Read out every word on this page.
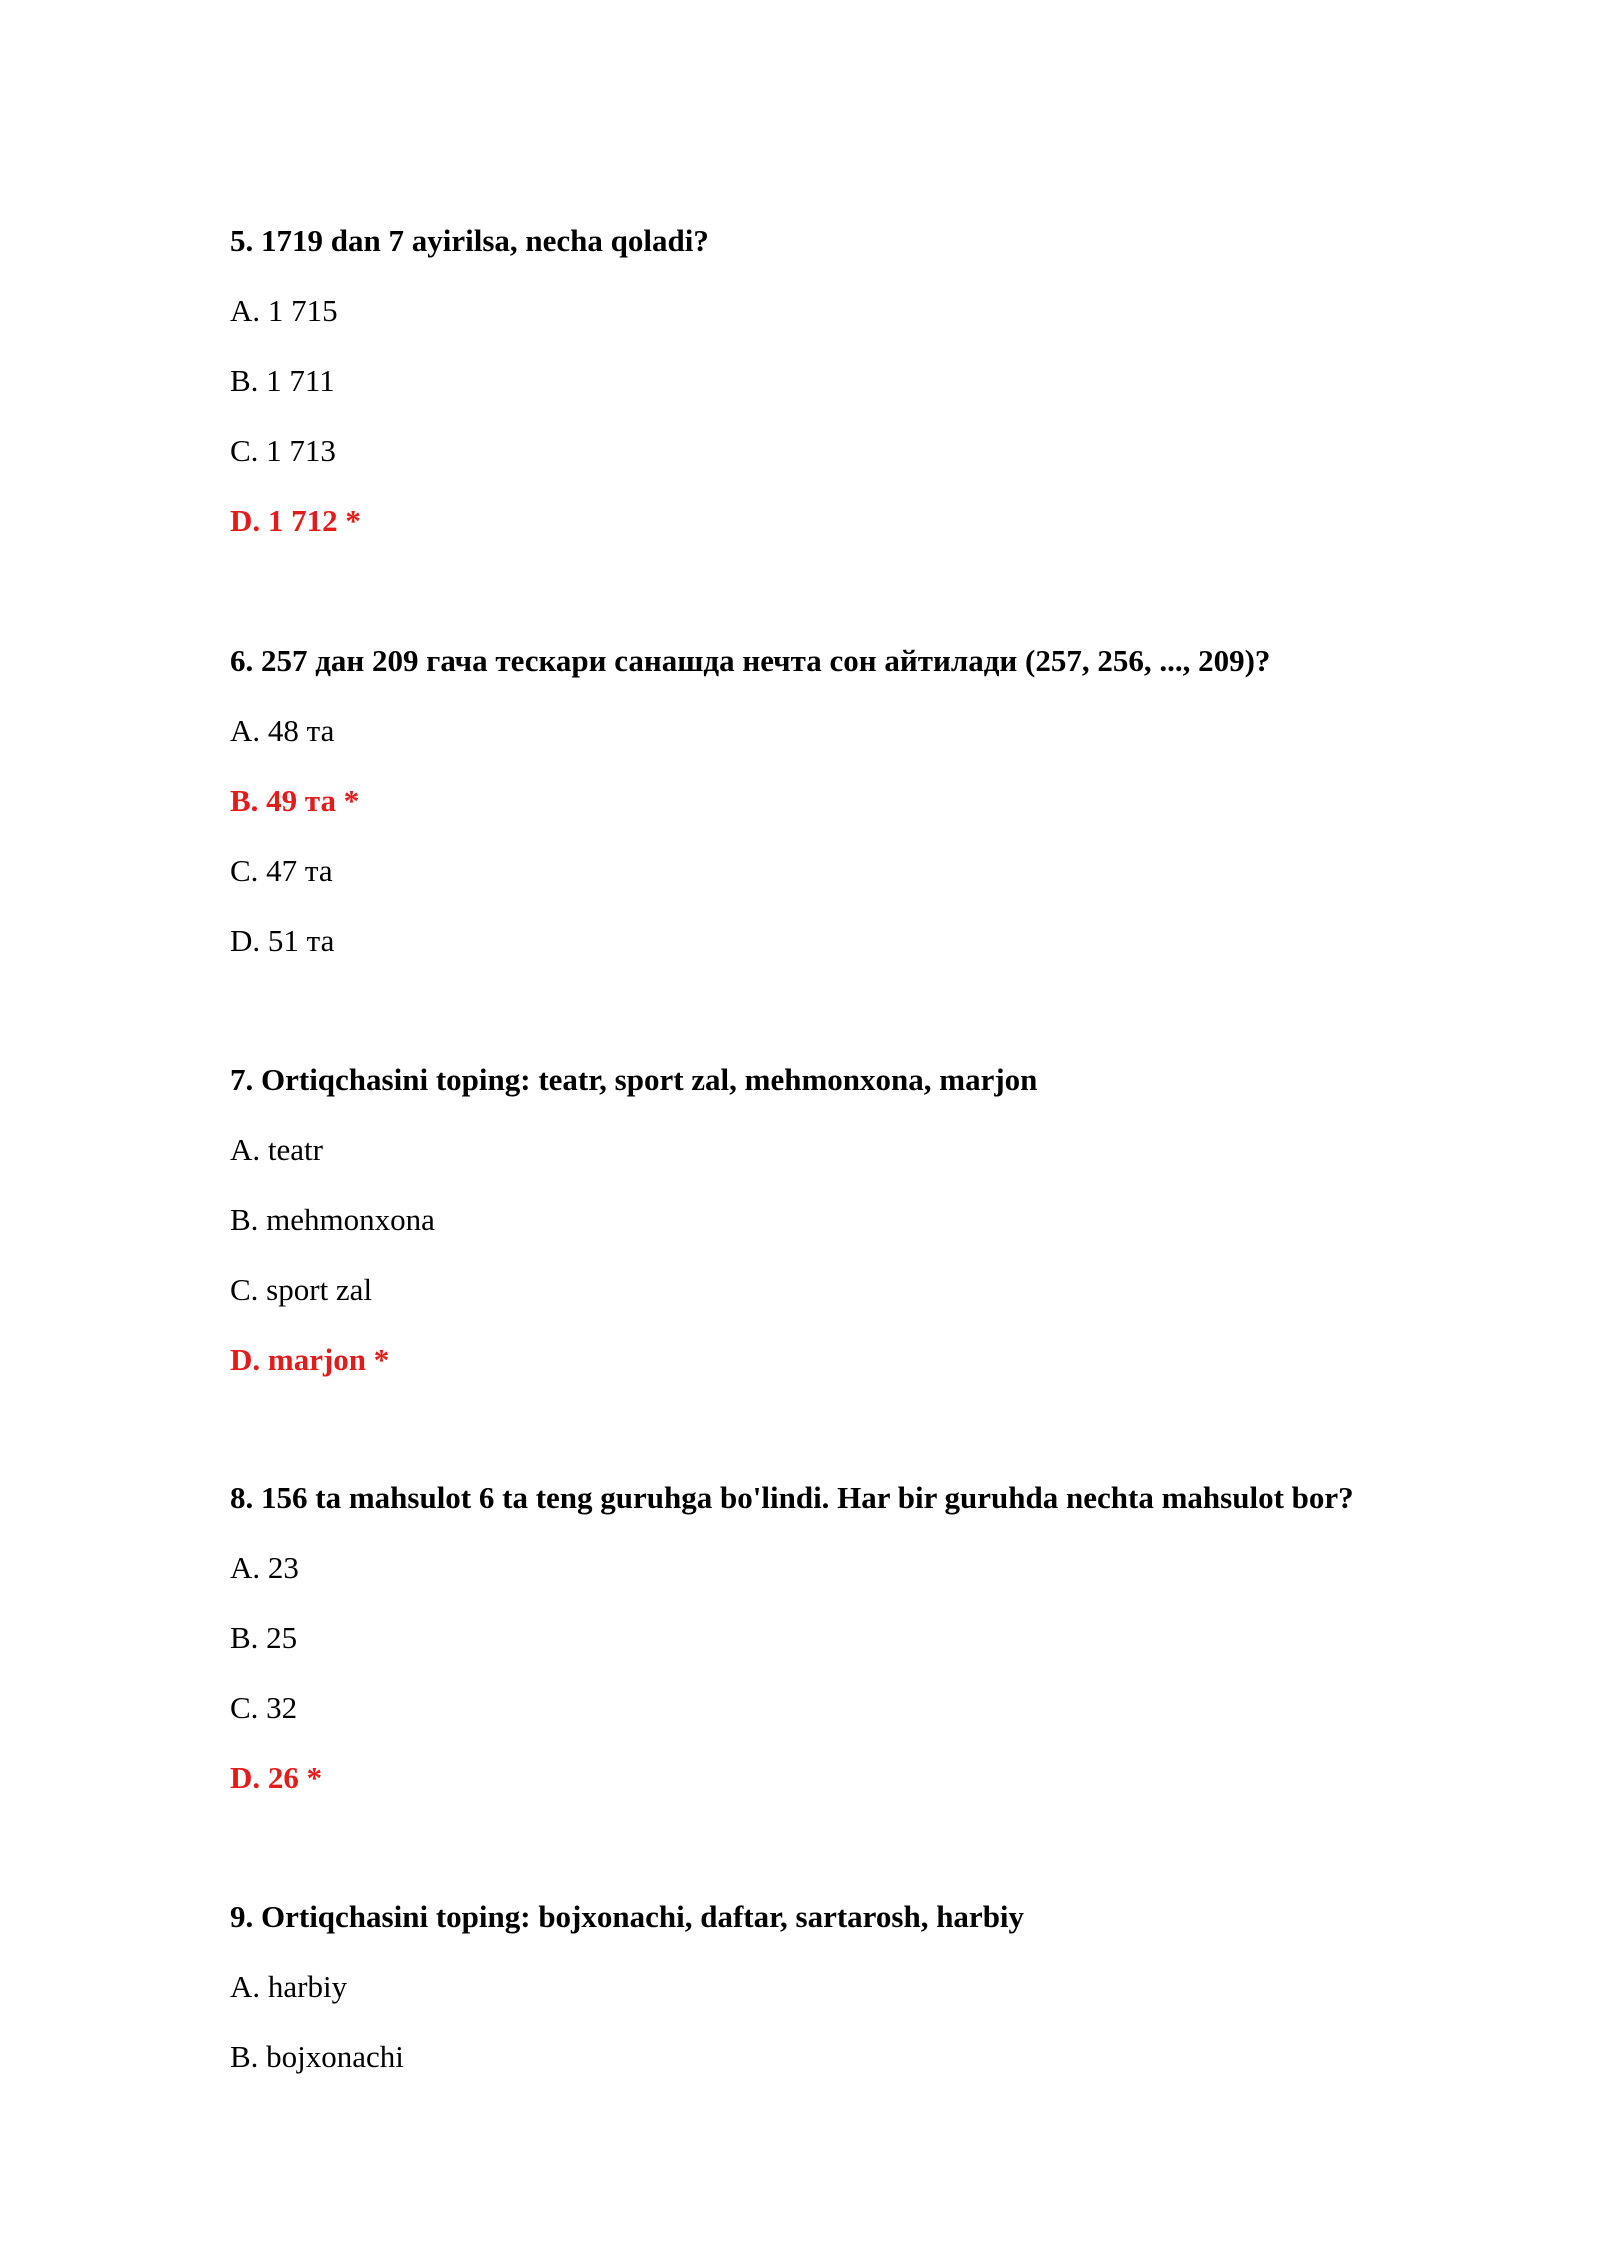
5. 1719 dan 7 ayirilsa, necha qoladi?

A. 1 715

B. 1 711

C. 1 713

D. 1 712 *

6. 257 дан 209 гача тескари санашда нечта сон айтилади (257, 256, ..., 209)?

A. 48 та

B. 49 та *

C. 47 та

D. 51 та

7. Ortiqchasini toping: teatr, sport zal, mehmonxona, marjon

A. teatr

B. mehmonxona

C. sport zal

D. marjon *

8. 156 ta mahsulot 6 ta teng guruhga bo'lindi. Har bir guruhda nechta mahsulot bor?

A. 23

B. 25

C. 32

D. 26 *

9. Ortiqchasini toping: bojxonachi, daftar, sartarosh, harbiy

A. harbiy

B. bojxonachi
